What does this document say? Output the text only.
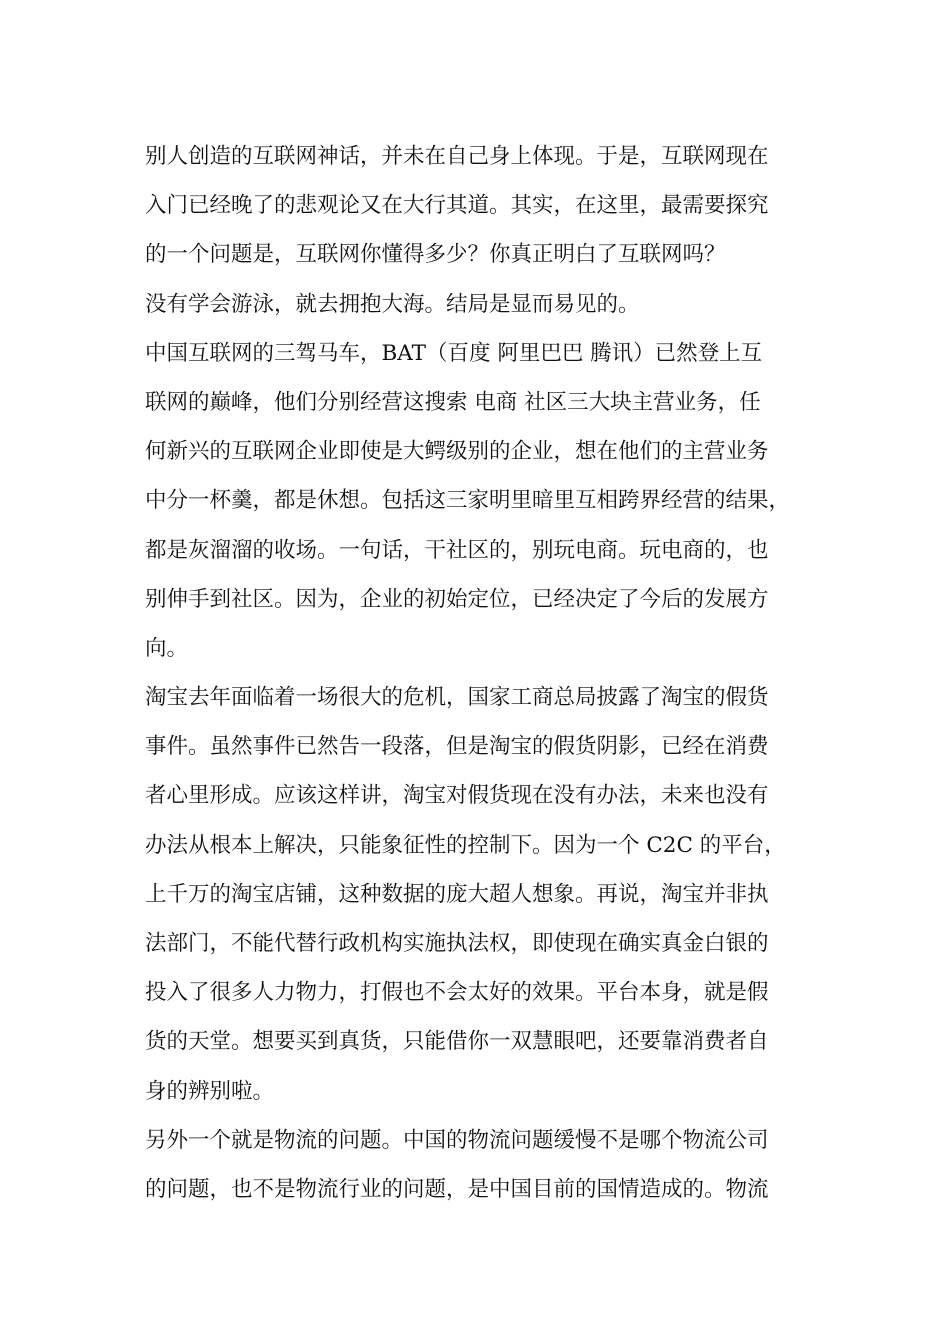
别人创造的互联网神话，并未在自己身上体现。于是，互联网现在
入门已经晚了的悲观论又在大行其道。其实，在这里，最需要探究
的一个问题是，互联网你懂得多少？你真正明白了互联网吗？
没有学会游泳，就去拥抱大海。结局是显而易见的。
中国互联网的三驾马车，BAT（百度 阿里巴巴 腾讯）已然登上互
联网的巅峰，他们分别经营这搜索 电商 社区三大块主营业务，任
何新兴的互联网企业即使是大鳄级别的企业，想在他们的主营业务
中分一杯羹，都是休想。包括这三家明里暗里互相跨界经营的结果，
都是灰溜溜的收场。一句话，干社区的，别玩电商。玩电商的，也
别伸手到社区。因为，企业的初始定位，已经决定了今后的发展方
向。
淘宝去年面临着一场很大的危机，国家工商总局披露了淘宝的假货
事件。虽然事件已然告一段落，但是淘宝的假货阴影，已经在消费
者心里形成。应该这样讲，淘宝对假货现在没有办法，未来也没有
办法从根本上解决，只能象征性的控制下。因为一个 C2C 的平台，
上千万的淘宝店铺，这种数据的庞大超人想象。再说，淘宝并非执
法部门，不能代替行政机构实施执法权，即使现在确实真金白银的
投入了很多人力物力，打假也不会太好的效果。平台本身，就是假
货的天堂。想要买到真货，只能借你一双慧眼吧，还要靠消费者自
身的辨别啦。
另外一个就是物流的问题。中国的物流问题缓慢不是哪个物流公司
的问题，也不是物流行业的问题，是中国目前的国情造成的。物流
